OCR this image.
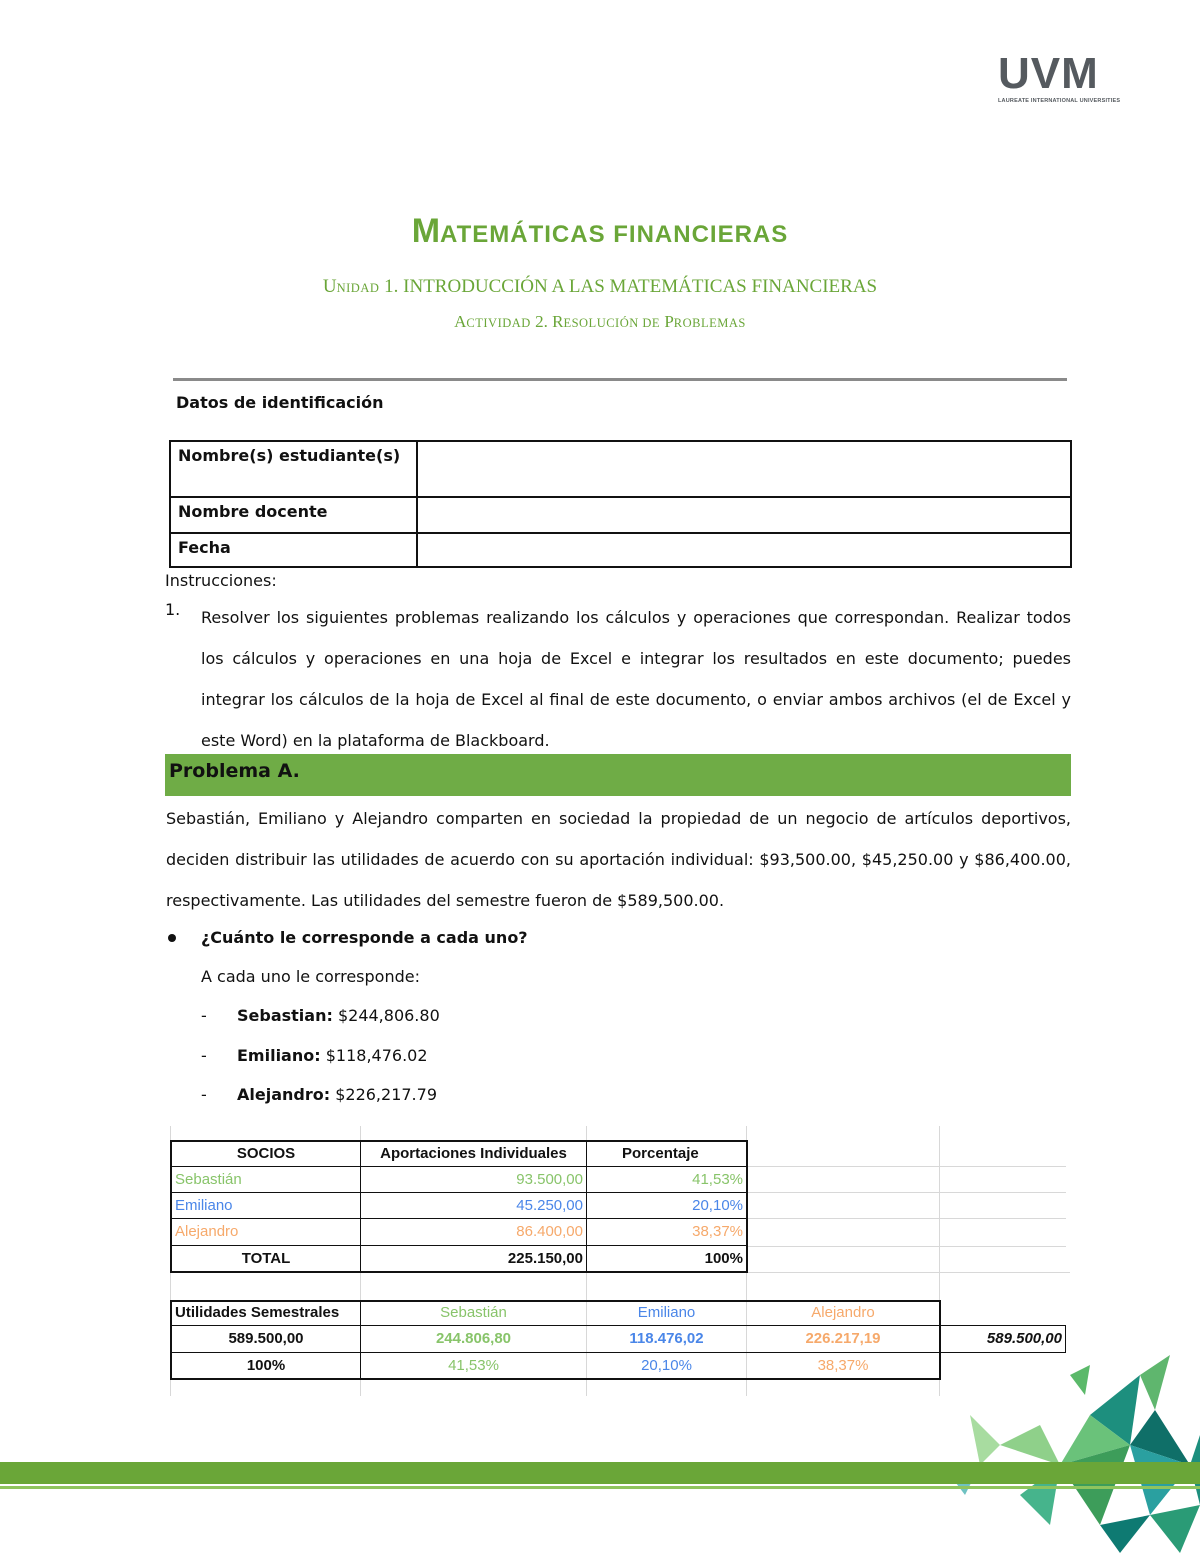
UVM
LAUREATE INTERNATIONAL UNIVERSITIES
MATEMÁTICAS FINANCIERAS
UNIDAD 1. INTRODUCCIÓN A LAS MATEMÁTICAS FINANCIERAS
ACTIVIDAD 2. RESOLUCIÓN DE PROBLEMAS
Datos de identificación
Nombre(s) estudiante(s)	
Nombre docente	
Fecha	
Instrucciones:
1. Resolver los siguientes problemas realizando los cálculos y operaciones que correspondan. Realizar todos los cálculos y operaciones en una hoja de Excel e integrar los resultados en este documento; puedes integrar los cálculos de la hoja de Excel al final de este documento, o enviar ambos archivos (el de Excel y este Word) en la plataforma de Blackboard.
Problema A.
Sebastián, Emiliano y Alejandro comparten en sociedad la propiedad de un negocio de artículos deportivos, deciden distribuir las utilidades de acuerdo con su aportación individual: $93,500.00, $45,250.00 y $86,400.00, respectivamente. Las utilidades del semestre fueron de $589,500.00.
¿Cuánto le corresponde a cada uno?
A cada uno le corresponde:
- Sebastian: $244,806.80
- Emiliano: $118,476.02
- Alejandro: $226,217.79
SOCIOS	Aportaciones Individuales	Porcentaje
Sebastián	93.500,00	41,53%
Emiliano	45.250,00	20,10%
Alejandro	86.400,00	38,37%
TOTAL	225.150,00	100%
Utilidades Semestrales	Sebastián	Emiliano	Alejandro
589.500,00	244.806,80	118.476,02	226.217,19	589.500,00
100%	41,53%	20,10%	38,37%
